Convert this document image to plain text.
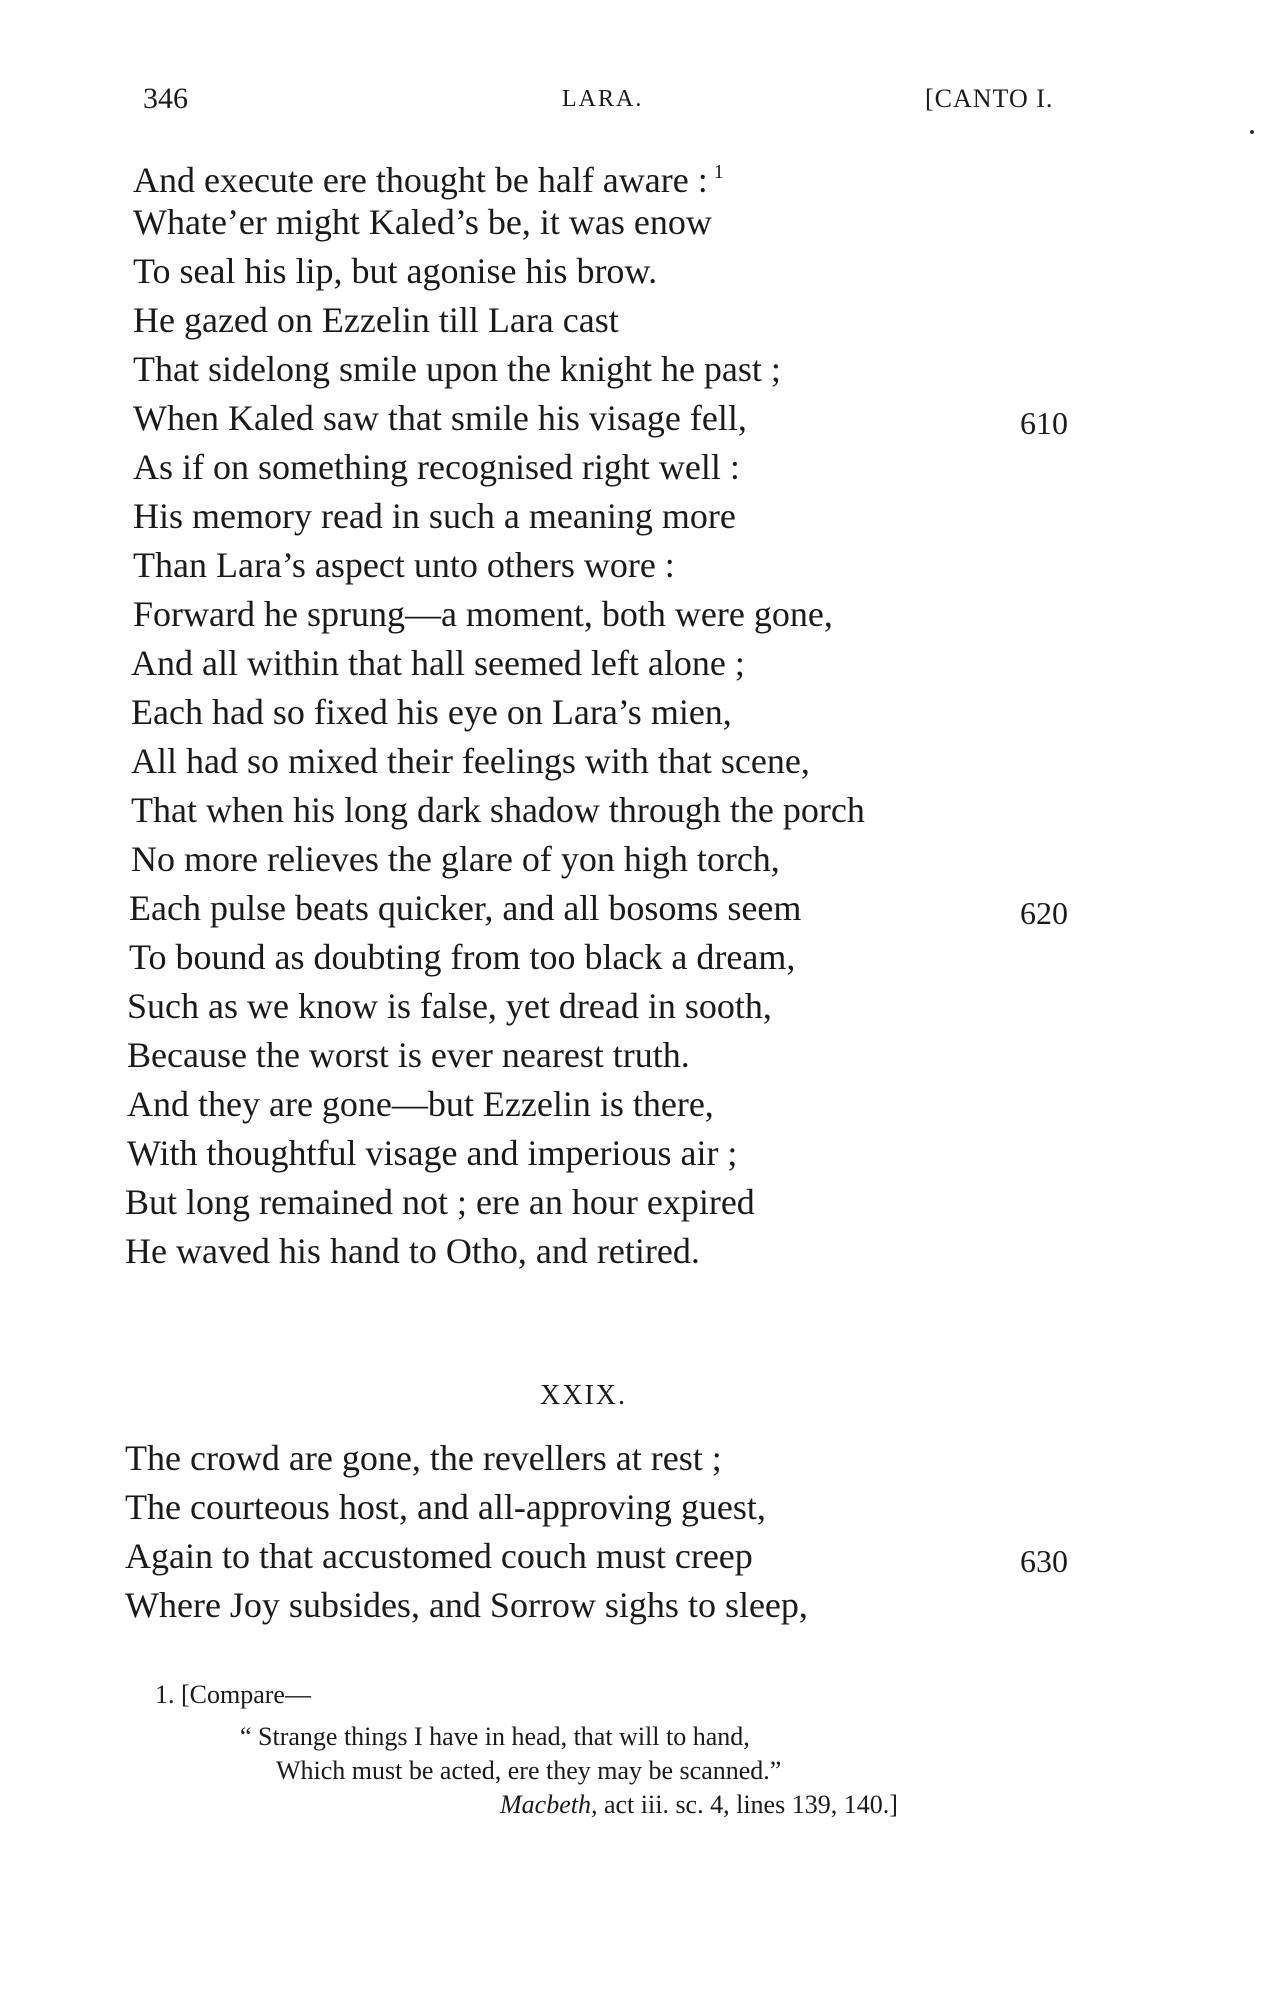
346	LARA.	[CANTO I.
And execute ere thought be half aware : $^1$
Whate’er might Kaled’s be, it was enow
To seal his lip, but agonise his brow.
He gazed on Ezzelin till Lara cast
That sidelong smile upon the knight he past ;
When Kaled saw that smile his visage fell,	610
As if on something recognised right well :
His memory read in such a meaning more
Than Lara’s aspect unto others wore :
Forward he sprung—a moment, both were gone,
And all within that hall seemed left alone ;
Each had so fixed his eye on Lara’s mien,
All had so mixed their feelings with that scene,
That when his long dark shadow through the porch
No more relieves the glare of yon high torch,
Each pulse beats quicker, and all bosoms seem	620
To bound as doubting from too black a dream,
Such as we know is false, yet dread in sooth,
Because the worst is ever nearest truth.
And they are gone—but Ezzelin is there,
With thoughtful visage and imperious air ;
But long remained not ; ere an hour expired
He waved his hand to Otho, and retired.
XXIX.
The crowd are gone, the revellers at rest ;
The courteous host, and all-approving guest,
Again to that accustomed couch must creep	630
Where Joy subsides, and Sorrow sighs to sleep,
1. [Compare—
“ Strange things I have in head, that will to hand,
Which must be acted, ere they may be scanned.”
Macbeth, act iii. sc. 4, lines 139, 140.]
